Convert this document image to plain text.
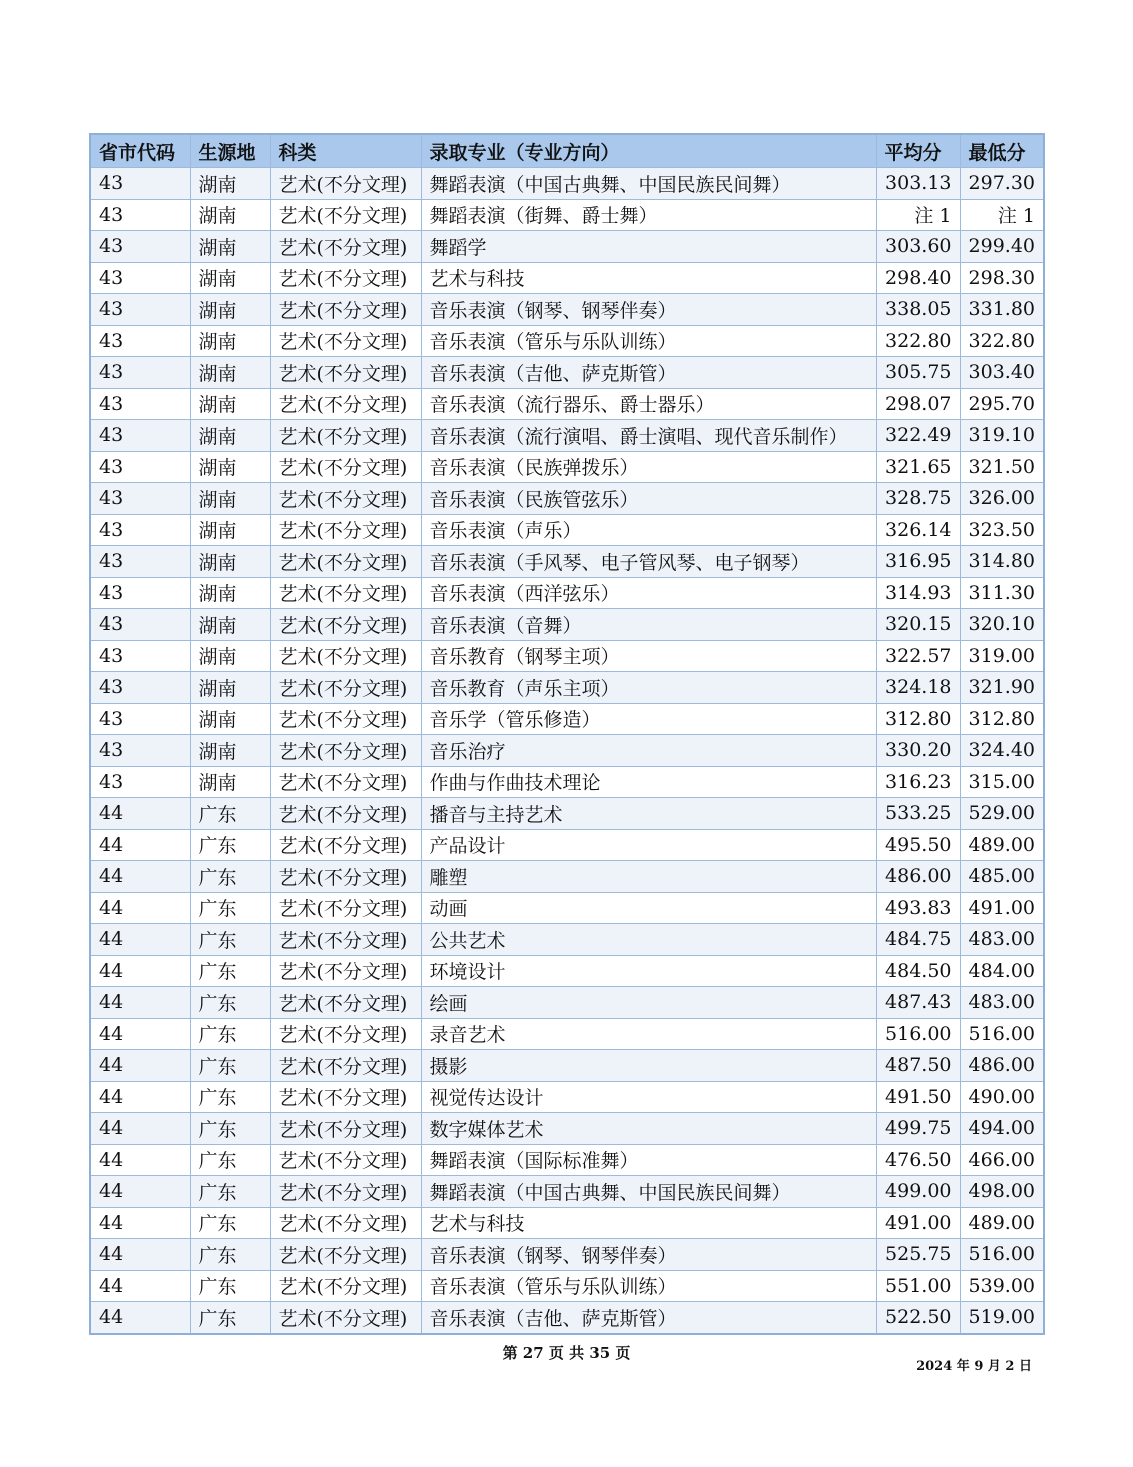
省市代码	生源地	科类	录取专业（专业方向）	平均分	最低分
43	湖南	艺术(不分文理)	舞蹈表演（中国古典舞、中国民族民间舞）	303.13	297.30
43	湖南	艺术(不分文理)	舞蹈表演（街舞、爵士舞）	注 1	注 1
43	湖南	艺术(不分文理)	舞蹈学	303.60	299.40
43	湖南	艺术(不分文理)	艺术与科技	298.40	298.30
43	湖南	艺术(不分文理)	音乐表演（钢琴、钢琴伴奏）	338.05	331.80
43	湖南	艺术(不分文理)	音乐表演（管乐与乐队训练）	322.80	322.80
43	湖南	艺术(不分文理)	音乐表演（吉他、萨克斯管）	305.75	303.40
43	湖南	艺术(不分文理)	音乐表演（流行器乐、爵士器乐）	298.07	295.70
43	湖南	艺术(不分文理)	音乐表演（流行演唱、爵士演唱、现代音乐制作）	322.49	319.10
43	湖南	艺术(不分文理)	音乐表演（民族弹拨乐）	321.65	321.50
43	湖南	艺术(不分文理)	音乐表演（民族管弦乐）	328.75	326.00
43	湖南	艺术(不分文理)	音乐表演（声乐）	326.14	323.50
43	湖南	艺术(不分文理)	音乐表演（手风琴、电子管风琴、电子钢琴）	316.95	314.80
43	湖南	艺术(不分文理)	音乐表演（西洋弦乐）	314.93	311.30
43	湖南	艺术(不分文理)	音乐表演（音舞）	320.15	320.10
43	湖南	艺术(不分文理)	音乐教育（钢琴主项）	322.57	319.00
43	湖南	艺术(不分文理)	音乐教育（声乐主项）	324.18	321.90
43	湖南	艺术(不分文理)	音乐学（管乐修造）	312.80	312.80
43	湖南	艺术(不分文理)	音乐治疗	330.20	324.40
43	湖南	艺术(不分文理)	作曲与作曲技术理论	316.23	315.00
44	广东	艺术(不分文理)	播音与主持艺术	533.25	529.00
44	广东	艺术(不分文理)	产品设计	495.50	489.00
44	广东	艺术(不分文理)	雕塑	486.00	485.00
44	广东	艺术(不分文理)	动画	493.83	491.00
44	广东	艺术(不分文理)	公共艺术	484.75	483.00
44	广东	艺术(不分文理)	环境设计	484.50	484.00
44	广东	艺术(不分文理)	绘画	487.43	483.00
44	广东	艺术(不分文理)	录音艺术	516.00	516.00
44	广东	艺术(不分文理)	摄影	487.50	486.00
44	广东	艺术(不分文理)	视觉传达设计	491.50	490.00
44	广东	艺术(不分文理)	数字媒体艺术	499.75	494.00
44	广东	艺术(不分文理)	舞蹈表演（国际标准舞）	476.50	466.00
44	广东	艺术(不分文理)	舞蹈表演（中国古典舞、中国民族民间舞）	499.00	498.00
44	广东	艺术(不分文理)	艺术与科技	491.00	489.00
44	广东	艺术(不分文理)	音乐表演（钢琴、钢琴伴奏）	525.75	516.00
44	广东	艺术(不分文理)	音乐表演（管乐与乐队训练）	551.00	539.00
44	广东	艺术(不分文理)	音乐表演（吉他、萨克斯管）	522.50	519.00
第 27 页 共 35 页
2024 年 9 月 2 日
